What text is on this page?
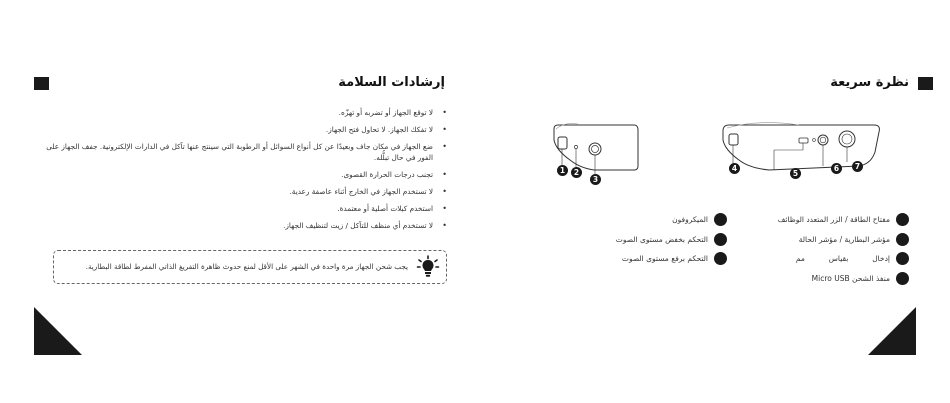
إرشادات السلامة
• لا توقع الجهاز أو تضربه أو تهزّه.
• لا تفكك الجهاز. لا تحاول فتح الجهاز.
• ضع الجهاز في مكان جاف وبعيدًا عن كل أنواع السوائل أو الرطوبة التي سينتج عنها تآكل في الدارات الإلكترونية. جفف الجهاز على الفور في حال تبلُّله.
• تجنب درجات الحرارة القصوى.
• لا تستخدم الجهاز في الخارج أثناء عاصفة رعدية.
• استخدم كبلات أصلية أو معتمدة.
• لا تستخدم أي منظف للتآكل / زيت لتنظيف الجهاز.
يجب شحن الجهاز مرة واحدة في الشهر على الأقل لمنع حدوث ظاهرة التفريغ الذاتي المفرط لطاقة البطارية.
نظرة سريعة
1	2
3
4
5
6	7
مفتاح الطاقة / الزر المتعدد الوظائف
مؤشر البطارية / مؤشر الحالة
إدخال          بقياس          مم
منفذ الشحن Micro USB
الميكروفون
التحكم بخفض مستوى الصوت
التحكم برفع مستوى الصوت
